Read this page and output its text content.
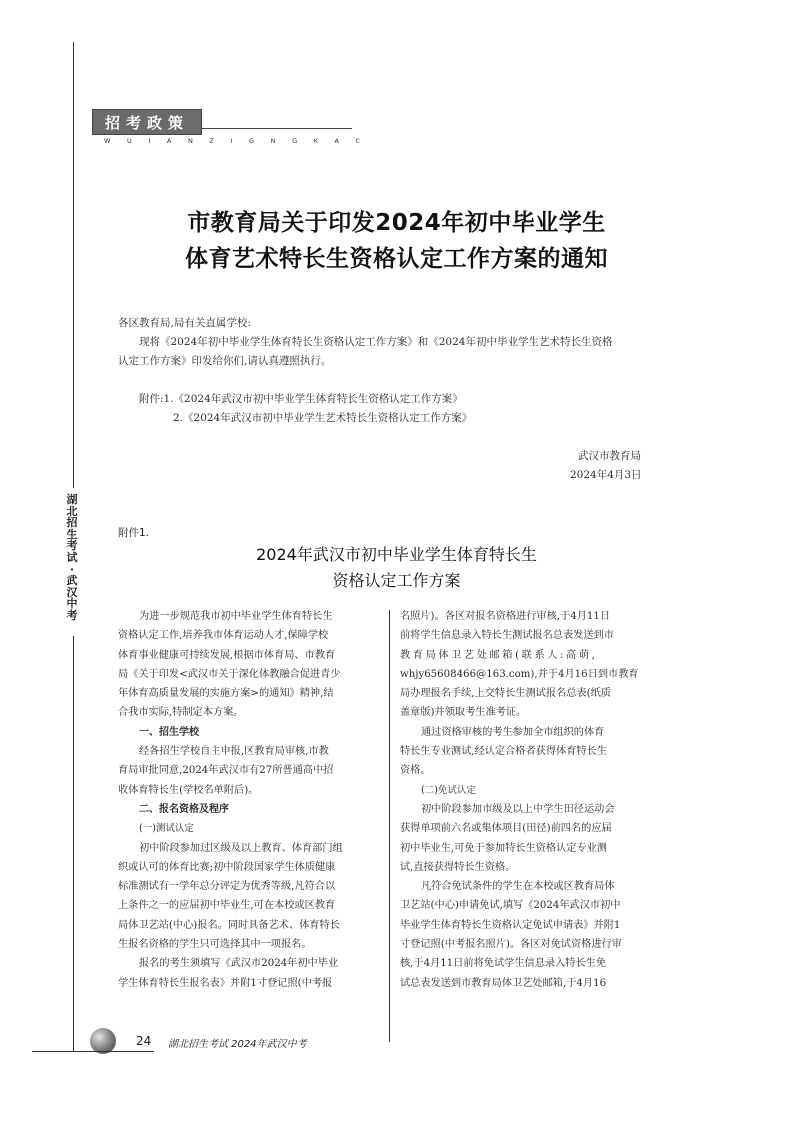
招考政策
WUIANZIGNGKAC
市教育局关于印发2024年初中毕业学生
体育艺术特长生资格认定工作方案的通知
各区教育局,局有关直属学校:
现将《2024年初中毕业学生体育特长生资格认定工作方案》和《2024年初中毕业学生艺术特长生资格
认定工作方案》印发给你们,请认真遵照执行。
附件:1.《2024年武汉市初中毕业学生体育特长生资格认定工作方案》
2.《2024年武汉市初中毕业学生艺术特长生资格认定工作方案》
武汉市教育局
2024年4月3日
湖
北
招
生
考
试
·
武
汉
中
考
附件1.
2024年武汉市初中毕业学生体育特长生
资格认定工作方案
为进一步规范我市初中毕业学生体育特长生
资格认定工作,培养我市体育运动人才,保障学校
体育事业健康可持续发展,根据市体育局、市教育
局《关于印发<武汉市关于深化体教融合促进青少
年体育高质量发展的实施方案>的通知》精神,结
合我市实际,特制定本方案。
一、招生学校
经各招生学校自主申报,区教育局审核,市教
育局审批同意,2024年武汉市有27所普通高中招
收体育特长生(学校名单附后)。
二、报名资格及程序
(一)测试认定
初中阶段参加过区级及以上教育、体育部门组
织或认可的体育比赛;初中阶段国家学生体质健康
标准测试有一学年总分评定为优秀等级,凡符合以
上条件之一的应届初中毕业生,可在本校或区教育
局体卫艺站(中心)报名。同时具备艺术、体育特长
生报名资格的学生只可选择其中一项报名。
报名的考生须填写《武汉市2024年初中毕业
学生体育特长生报名表》并附1寸登记照(中考报
名照片)。各区对报名资格进行审核,于4月11日
前将学生信息录入特长生测试报名总表发送到市
教育局体卫艺处邮箱(联系人:高萌,
whjy65608466@163.com),并于4月16日到市教育
局办理报名手续,上交特长生测试报名总表(纸质
盖章版)并领取考生准考证。
通过资格审核的考生参加全市组织的体育
特长生专业测试,经认定合格者获得体育特长生
资格。
(二)免试认定
初中阶段参加市级及以上中学生田径运动会
获得单项前六名或集体项目(田径)前四名的应届
初中毕业生,可免于参加特长生资格认定专业测
试,直接获得特长生资格。
凡符合免试条件的学生在本校或区教育局体
卫艺站(中心)申请免试,填写《2024年武汉市初中
毕业学生体育特长生资格认定免试申请表》并附1
寸登记照(中考报名照片)。各区对免试资格进行审
核,于4月11日前将免试学生信息录入特长生免
试总表发送到市教育局体卫艺处邮箱,于4月16
24 湖北招生考试 2024年武汉中考
